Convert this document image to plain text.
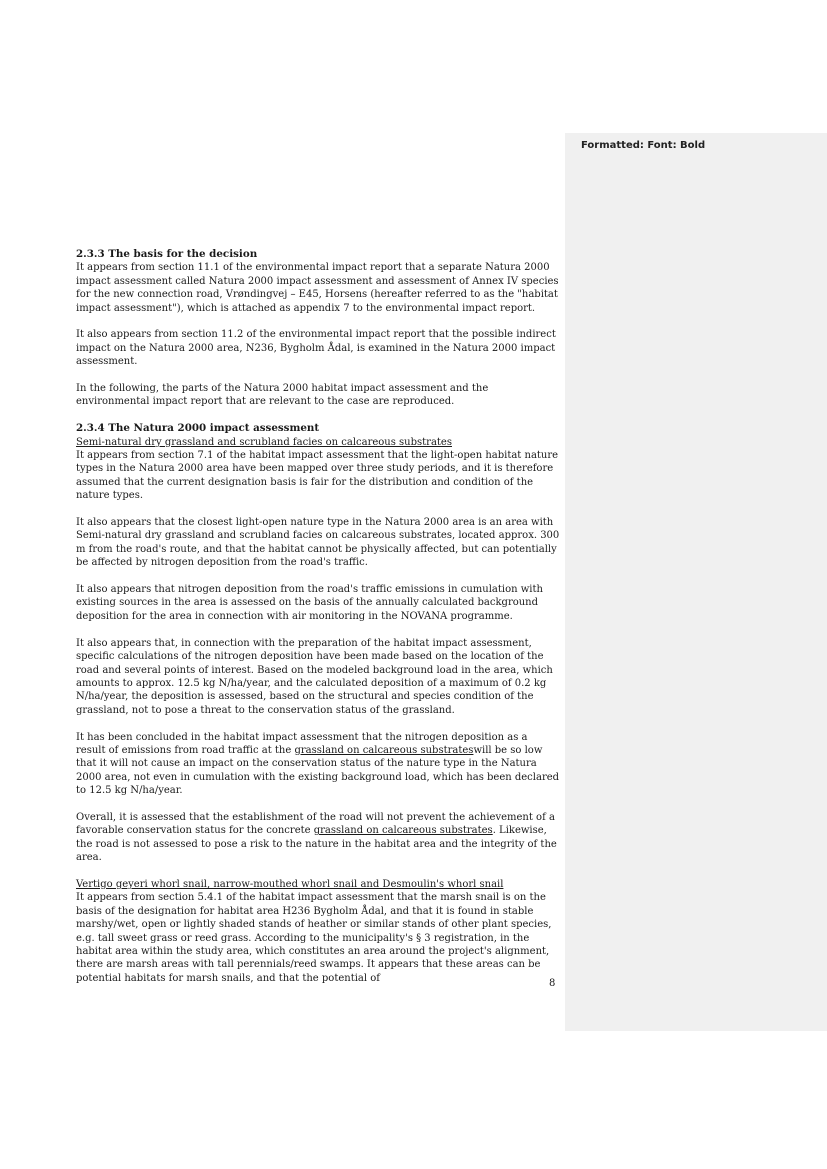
Formatted: Font: Bold

2.3.3 The basis for the decision
It appears from section 11.1 of the environmental impact report that a separate Natura 2000 impact assessment called Natura 2000 impact assessment and assessment of Annex IV species for the new connection road, Vrøndingvej – E45, Horsens (hereafter referred to as the "habitat impact assessment"), which is attached as appendix 7 to the environmental impact report.

It also appears from section 11.2 of the environmental impact report that the possible indirect impact on the Natura 2000 area, N236, Bygholm Ådal, is examined in the Natura 2000 impact assessment.

In the following, the parts of the Natura 2000 habitat impact assessment and the environmental impact report that are relevant to the case are reproduced.

2.3.4 The Natura 2000 impact assessment
Semi-natural dry grassland and scrubland facies on calcareous substrates
It appears from section 7.1 of the habitat impact assessment that the light-open habitat nature types in the Natura 2000 area have been mapped over three study periods, and it is therefore assumed that the current designation basis is fair for the distribution and condition of the nature types.

It also appears that the closest light-open nature type in the Natura 2000 area is an area with Semi-natural dry grassland and scrubland facies on calcareous substrates, located approx. 300 m from the road's route, and that the habitat cannot be physically affected, but can potentially be affected by nitrogen deposition from the road's traffic.

It also appears that nitrogen deposition from the road's traffic emissions in cumulation with existing sources in the area is assessed on the basis of the annually calculated background deposition for the area in connection with air monitoring in the NOVANA programme.

It also appears that, in connection with the preparation of the habitat impact assessment, specific calculations of the nitrogen deposition have been made based on the location of the road and several points of interest. Based on the modeled background load in the area, which amounts to approx. 12.5 kg N/ha/year, and the calculated deposition of a maximum of 0.2 kg N/ha/year, the deposition is assessed, based on the structural and species condition of the grassland, not to pose a threat to the conservation status of the grassland.

It has been concluded in the habitat impact assessment that the nitrogen deposition as a result of emissions from road traffic at the grassland on calcareous substrateswill be so low that it will not cause an impact on the conservation status of the nature type in the Natura 2000 area, not even in cumulation with the existing background load, which has been declared to 12.5 kg N/ha/year.

Overall, it is assessed that the establishment of the road will not prevent the achievement of a favorable conservation status for the concrete grassland on calcareous substrates. Likewise, the road is not assessed to pose a risk to the nature in the habitat area and the integrity of the area.

Vertigo geyeri whorl snail, narrow-mouthed whorl snail and Desmoulin's whorl snail
It appears from section 5.4.1 of the habitat impact assessment that the marsh snail is on the basis of the designation for habitat area H236 Bygholm Ådal, and that it is found in stable marshy/wet, open or lightly shaded stands of heather or similar stands of other plant species, e.g. tall sweet grass or reed grass. According to the municipality's § 3 registration, in the habitat area within the study area, which constitutes an area around the project's alignment, there are marsh areas with tall perennials/reed swamps. It appears that these areas can be potential habitats for marsh snails, and that the potential of	8
